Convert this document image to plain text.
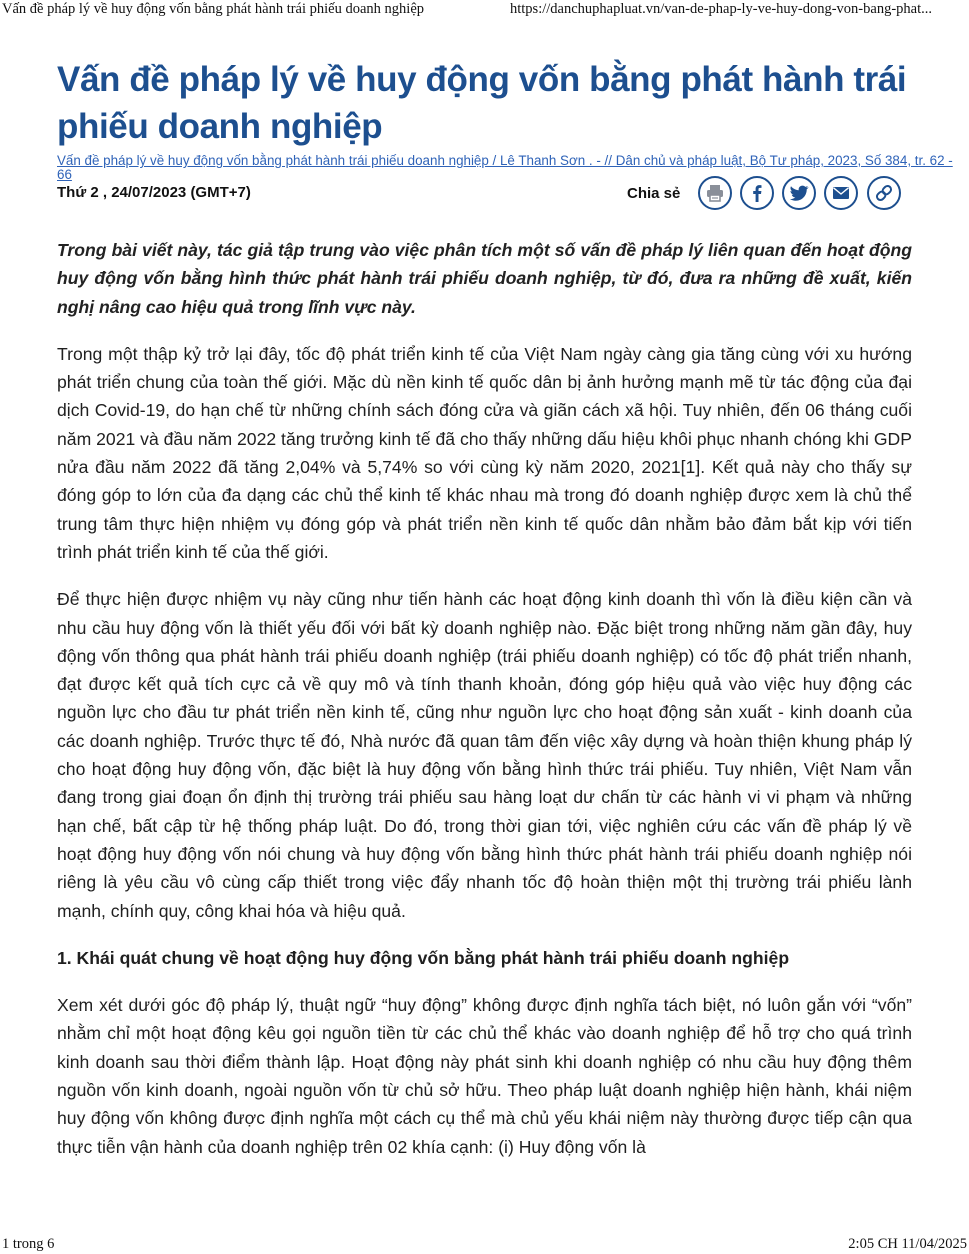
Vấn đề pháp lý về huy động vốn bằng phát hành trái phiếu doanh nghiệp	https://danchuphapluat.vn/van-de-phap-ly-ve-huy-dong-von-bang-phat...
Vấn đề pháp lý về huy động vốn bằng phát hành trái phiếu doanh nghiệp
Vấn đề pháp lý về huy động vốn bằng phát hành trái phiếu doanh nghiệp / Lê Thanh Sơn . - // Dân chủ và pháp luật, Bộ Tư pháp, 2023, Số 384, tr. 62 - 66
Thứ 2 , 24/07/2023 (GMT+7)	Chia sẻ

Trong bài viết này, tác giả tập trung vào việc phân tích một số vấn đề pháp lý liên quan đến hoạt động huy động vốn bằng hình thức phát hành trái phiếu doanh nghiệp, từ đó, đưa ra những đề xuất, kiến nghị nâng cao hiệu quả trong lĩnh vực này.

Trong một thập kỷ trở lại đây, tốc độ phát triển kinh tế của Việt Nam ngày càng gia tăng cùng với xu hướng phát triển chung của toàn thế giới. Mặc dù nền kinh tế quốc dân bị ảnh hưởng mạnh mẽ từ tác động của đại dịch Covid-19, do hạn chế từ những chính sách đóng cửa và giãn cách xã hội. Tuy nhiên, đến 06 tháng cuối năm 2021 và đầu năm 2022 tăng trưởng kinh tế đã cho thấy những dấu hiệu khôi phục nhanh chóng khi GDP nửa đầu năm 2022 đã tăng 2,04% và 5,74% so với cùng kỳ năm 2020, 2021[1]. Kết quả này cho thấy sự đóng góp to lớn của đa dạng các chủ thể kinh tế khác nhau mà trong đó doanh nghiệp được xem là chủ thể trung tâm thực hiện nhiệm vụ đóng góp và phát triển nền kinh tế quốc dân nhằm bảo đảm bắt kịp với tiến trình phát triển kinh tế của thế giới.

Để thực hiện được nhiệm vụ này cũng như tiến hành các hoạt động kinh doanh thì vốn là điều kiện cần và nhu cầu huy động vốn là thiết yếu đối với bất kỳ doanh nghiệp nào. Đặc biệt trong những năm gần đây, huy động vốn thông qua phát hành trái phiếu doanh nghiệp (trái phiếu doanh nghiệp) có tốc độ phát triển nhanh, đạt được kết quả tích cực cả về quy mô và tính thanh khoản, đóng góp hiệu quả vào việc huy động các nguồn lực cho đầu tư phát triển nền kinh tế, cũng như nguồn lực cho hoạt động sản xuất - kinh doanh của các doanh nghiệp. Trước thực tế đó, Nhà nước đã quan tâm đến việc xây dựng và hoàn thiện khung pháp lý cho hoạt động huy động vốn, đặc biệt là huy động vốn bằng hình thức trái phiếu. Tuy nhiên, Việt Nam vẫn đang trong giai đoạn ổn định thị trường trái phiếu sau hàng loạt dư chấn từ các hành vi vi phạm và những hạn chế, bất cập từ hệ thống pháp luật. Do đó, trong thời gian tới, việc nghiên cứu các vấn đề pháp lý về hoạt động huy động vốn nói chung và huy động vốn bằng hình thức phát hành trái phiếu doanh nghiệp nói riêng là yêu cầu vô cùng cấp thiết trong việc đẩy nhanh tốc độ hoàn thiện một thị trường trái phiếu lành mạnh, chính quy, công khai hóa và hiệu quả.

1. Khái quát chung về hoạt động huy động vốn bằng phát hành trái phiếu doanh nghiệp

Xem xét dưới góc độ pháp lý, thuật ngữ “huy động” không được định nghĩa tách biệt, nó luôn gắn với “vốn” nhằm chỉ một hoạt động kêu gọi nguồn tiền từ các chủ thể khác vào doanh nghiệp để hỗ trợ cho quá trình kinh doanh sau thời điểm thành lập. Hoạt động này phát sinh khi doanh nghiệp có nhu cầu huy động thêm nguồn vốn kinh doanh, ngoài nguồn vốn từ chủ sở hữu. Theo pháp luật doanh nghiệp hiện hành, khái niệm huy động vốn không được định nghĩa một cách cụ thể mà chủ yếu khái niệm này thường được tiếp cận qua thực tiễn vận hành của doanh nghiệp trên 02 khía cạnh: (i) Huy động vốn là

1 trong 6	2:05 CH 11/04/2025
